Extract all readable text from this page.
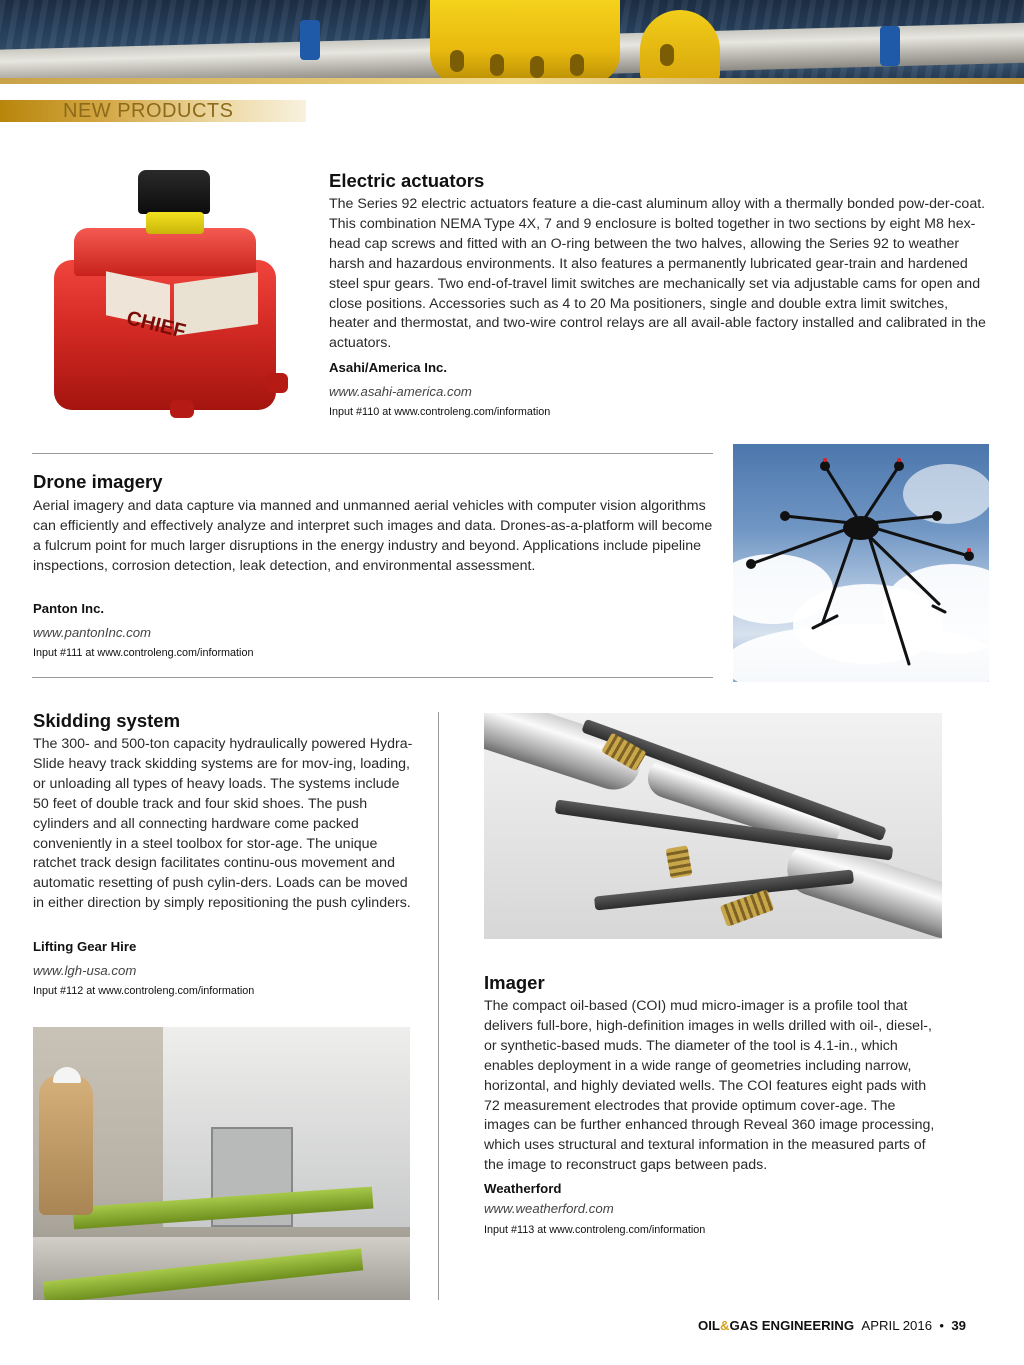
NEW PRODUCTS
CHIEF
Electric actuators
The Series 92 electric actuators feature a die-cast aluminum alloy with a thermally bonded pow-der-coat. This combination NEMA Type 4X, 7 and 9 enclosure is bolted together in two sections by eight M8 hex-head cap screws and fitted with an O-ring between the two halves, allowing the Series 92 to weather harsh and hazardous environments. It also features a permanently lubricated gear-train and hardened steel spur gears. Two end-of-travel limit switches are mechanically set via adjustable cams for open and close positions. Accessories such as 4 to 20 Ma positioners, single and double extra limit switches, heater and thermostat, and two-wire control relays are all avail-able factory installed and calibrated in the actuators.
Asahi/America Inc.
www.asahi-america.com
Input #110 at www.controleng.com/information
Drone imagery
Aerial imagery and data capture via manned and unmanned aerial vehicles with computer vision algorithms can efficiently and effectively analyze and interpret such images and data. Drones-as-a-platform will become a fulcrum point for much larger disruptions in the energy industry and beyond. Applications include pipeline inspections, corrosion detection, leak detection, and environmental assessment.
Panton Inc.
www.pantonInc.com
Input #111 at www.controleng.com/information
Skidding system
The 300- and 500-ton capacity hydraulically powered Hydra-Slide heavy track skidding systems are for mov-ing, loading, or unloading all types of heavy loads. The systems include 50 feet of double track and four skid shoes. The push cylinders and all connecting hardware come packed conveniently in a steel toolbox for stor-age. The unique ratchet track design facilitates continu-ous movement and automatic resetting of push cylin-ders. Loads can be moved in either direction by simply repositioning the push cylinders.
Lifting Gear Hire
www.lgh-usa.com
Input #112 at www.controleng.com/information	Imager
The compact oil-based (COI) mud micro-imager is a profile tool that delivers full-bore, high-definition images in wells drilled with oil-, diesel-, or synthetic-based muds. The diameter of the tool is 4.1-in., which enables deployment in a wide range of geometries including narrow, horizontal, and highly deviated wells. The COI features eight pads with 72 measurement electrodes that provide optimum cover-age. The images can be further enhanced through Reveal 360 image processing, which uses structural and textural information in the measured parts of the image to reconstruct gaps between pads.
Weatherford
www.weatherford.com
Input #113 at www.controleng.com/information
OIL&GAS ENGINEERING APRIL 2016 • 39
